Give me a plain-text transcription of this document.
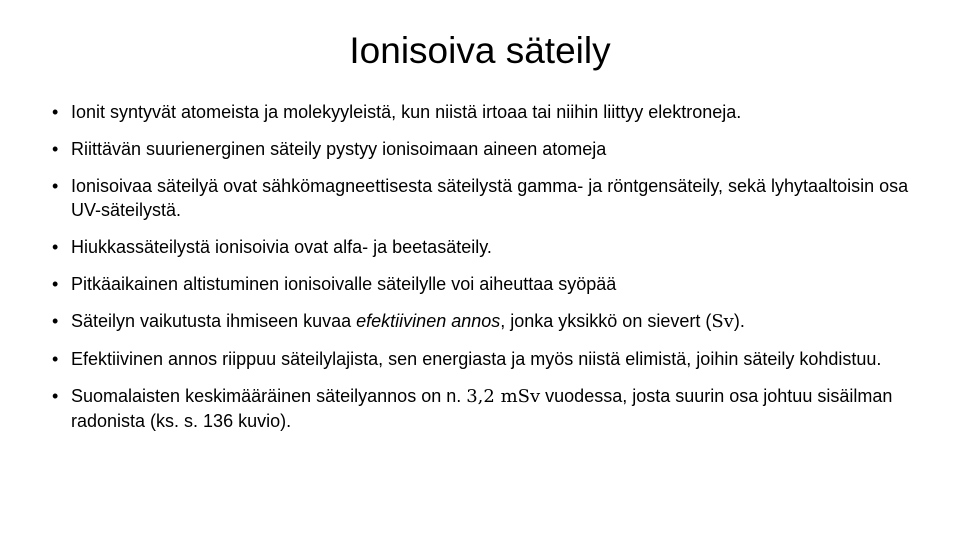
Ionisoiva säteily
• Ionit syntyvät atomeista ja molekyyleistä, kun niistä irtoaa tai niihin liittyy elektroneja.
• Riittävän suurienerginen säteily pystyy ionisoimaan aineen atomeja
• Ionisoivaa säteilyä ovat sähkömagneettisesta säteilystä gamma- ja röntgensäteily, sekä lyhytaaltoisin osa UV-säteilystä.
• Hiukkassäteilystä ionisoivia ovat alfa- ja beetasäteily.
• Pitkäaikainen altistuminen ionisoivalle säteilylle voi aiheuttaa syöpää
• Säteilyn vaikutusta ihmiseen kuvaa efektiivinen annos, jonka yksikkö on sievert (Sv).
• Efektiivinen annos riippuu säteilylajista, sen energiasta ja myös niistä elimistä, joihin säteily kohdistuu.
• Suomalaisten keskimääräinen säteilyannos on n. 3,2 mSv vuodessa, josta suurin osa johtuu sisäilman radonista (ks. s. 136 kuvio).
